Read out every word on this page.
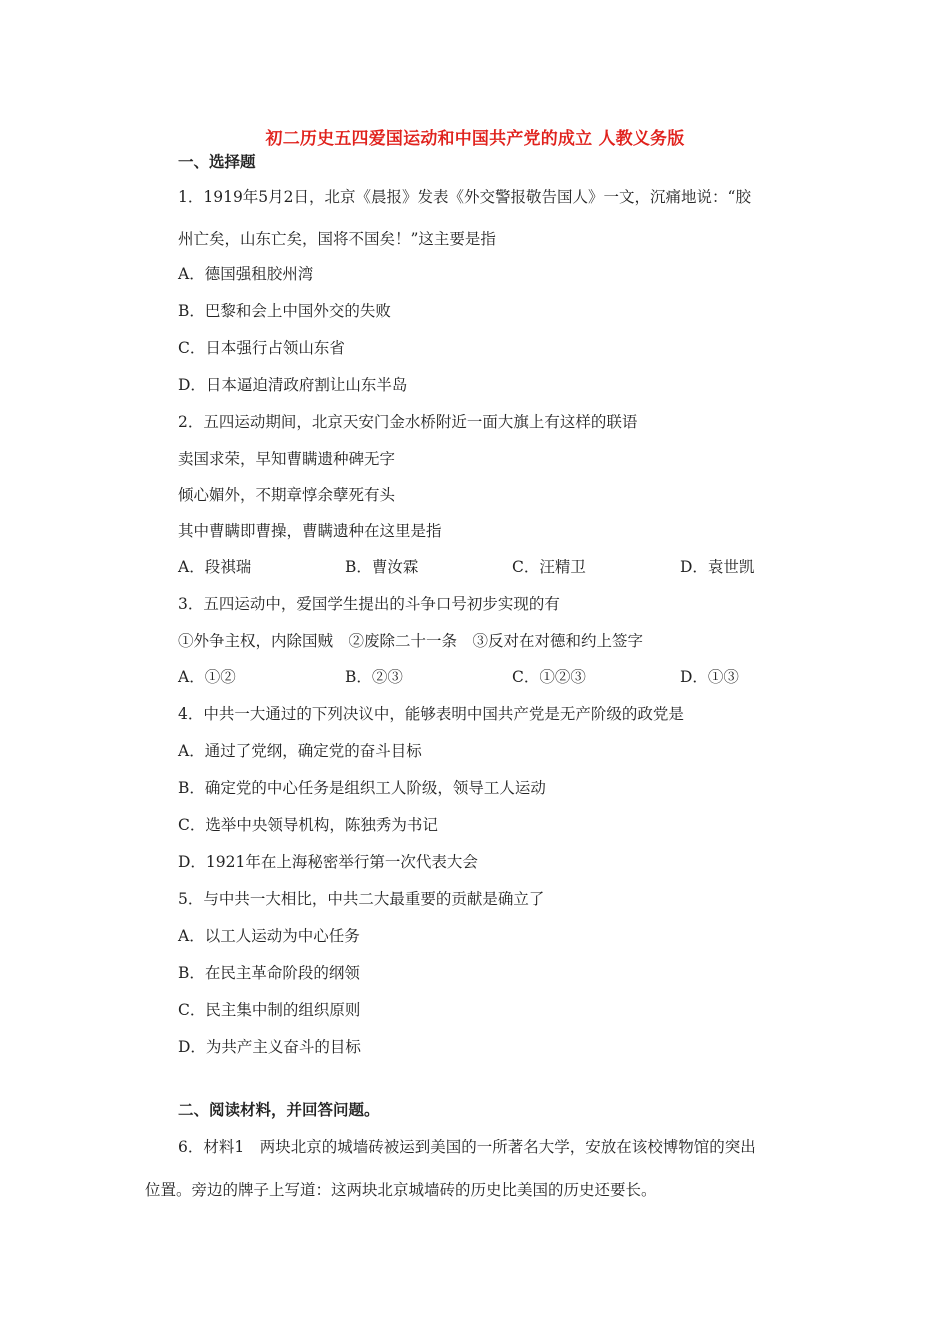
初二历史五四爱国运动和中国共产党的成立 人教义务版
一、选择题
1．1919年5月2日，北京《晨报》发表《外交警报敬告国人》一文，沉痛地说：“胶
州亡矣，山东亡矣，国将不国矣！”这主要是指
A．德国强租胶州湾
B．巴黎和会上中国外交的失败
C．日本强行占领山东省
D．日本逼迫清政府割让山东半岛
2．五四运动期间，北京天安门金水桥附近一面大旗上有这样的联语
卖国求荣，早知曹瞒遗种碑无字
倾心媚外，不期章惇余孽死有头
其中曹瞒即曹操，曹瞒遗种在这里是指
A．段祺瑞	B．曹汝霖	C．汪精卫	D．袁世凯
3．五四运动中，爱国学生提出的斗争口号初步实现的有
①外争主权，内除国贼　②废除二十一条　③反对在对德和约上签字
A．①②	B．②③	C．①②③	D．①③
4．中共一大通过的下列决议中，能够表明中国共产党是无产阶级的政党是
A．通过了党纲，确定党的奋斗目标
B．确定党的中心任务是组织工人阶级，领导工人运动
C．选举中央领导机构，陈独秀为书记
D．1921年在上海秘密举行第一次代表大会
5．与中共一大相比，中共二大最重要的贡献是确立了
A．以工人运动为中心任务
B．在民主革命阶段的纲领
C．民主集中制的组织原则
D．为共产主义奋斗的目标
二、阅读材料，并回答问题。
6．材料1　两块北京的城墙砖被运到美国的一所著名大学，安放在该校博物馆的突出
位置。旁边的牌子上写道：这两块北京城墙砖的历史比美国的历史还要长。
